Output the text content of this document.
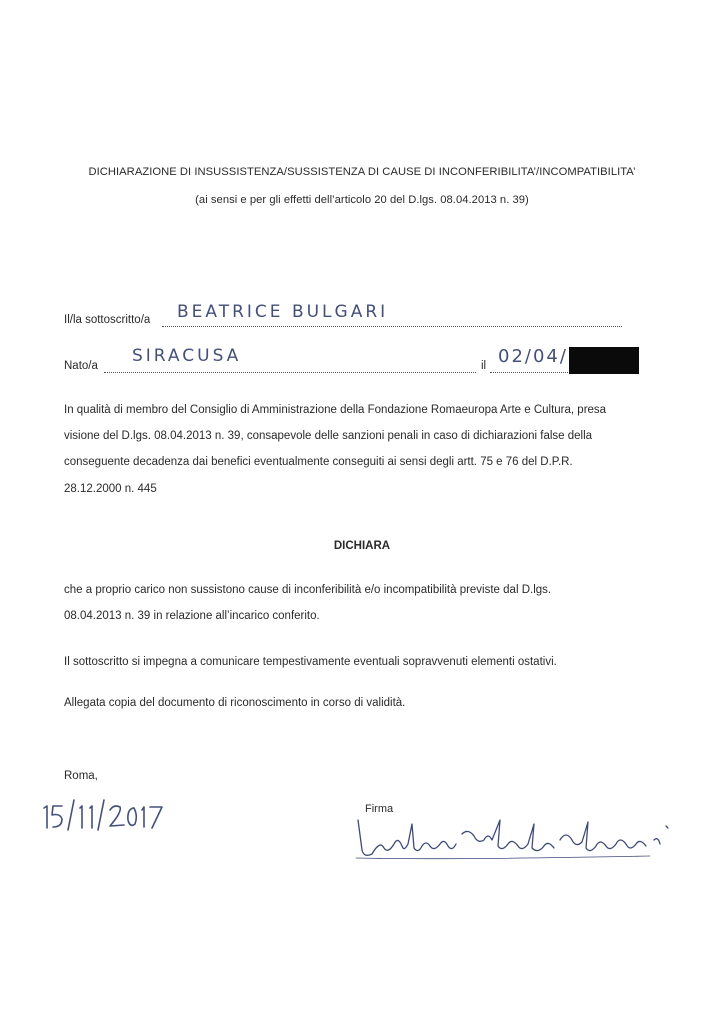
DICHIARAZIONE DI INSUSSISTENZA/SUSSISTENZA DI CAUSE DI INCONFERIBILITA’/INCOMPATIBILITA’
(ai sensi e per gli effetti dell’articolo 20 del D.lgs. 08.04.2013 n. 39)
Il/la sottoscritto/a BEATRICE BULGARI
Nato/a SIRACUSA	il 02/04/
In qualità di membro del Consiglio di Amministrazione della Fondazione Romaeuropa Arte e Cultura, presa
visione del D.lgs. 08.04.2013 n. 39, consapevole delle sanzioni penali in caso di dichiarazioni false della
conseguente decadenza dai benefici eventualmente conseguiti ai sensi degli artt. 75 e 76 del D.P.R.
28.12.2000 n. 445
DICHIARA
che a proprio carico non sussistono cause di inconferibilità e/o incompatibilità previste dal D.lgs.
08.04.2013 n. 39 in relazione all’incarico conferito.
Il sottoscritto si impegna a comunicare tempestivamente eventuali sopravvenuti elementi ostativi.
Allegata copia del documento di riconoscimento in corso di validità.
Roma,
Firma
